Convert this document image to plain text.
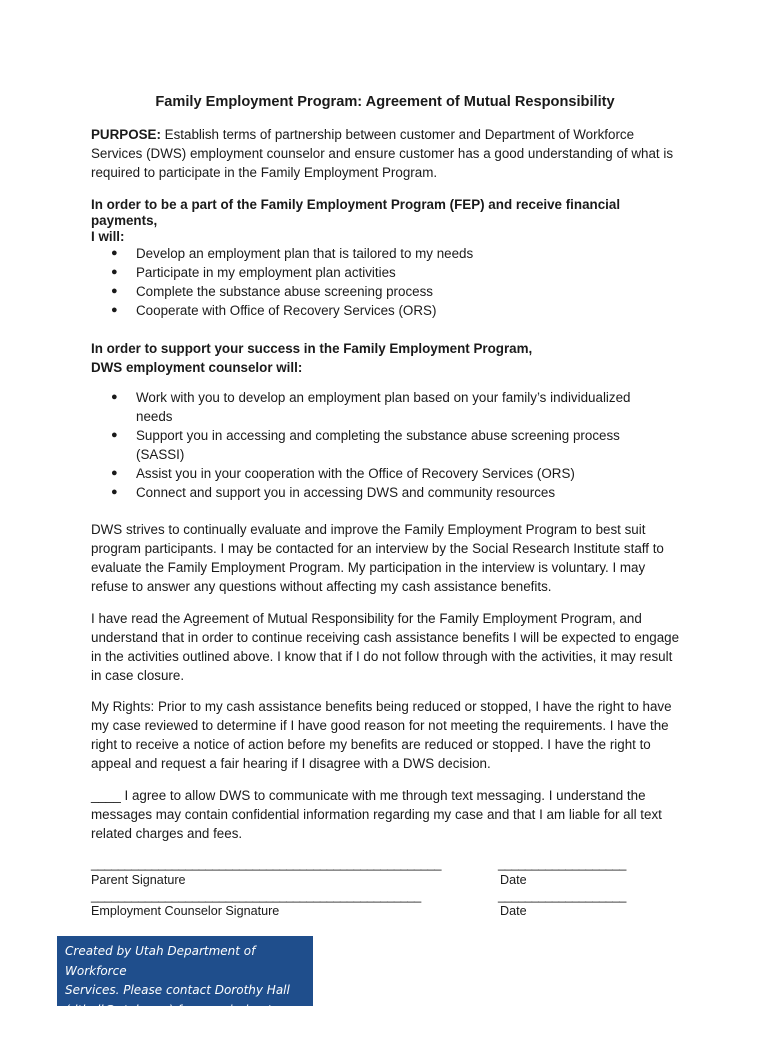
Family Employment Program: Agreement of Mutual Responsibility
PURPOSE: Establish terms of partnership between customer and Department of Workforce Services (DWS) employment counselor and ensure customer has a good understanding of what is required to participate in the Family Employment Program.
In order to be a part of the Family Employment Program (FEP) and receive financial payments,
I will:
● Develop an employment plan that is tailored to my needs
● Participate in my employment plan activities
● Complete the substance abuse screening process
● Cooperate with Office of Recovery Services (ORS)
In order to support your success in the Family Employment Program,
DWS employment counselor will:
● Work with you to develop an employment plan based on your family’s individualized needs
● Support you in accessing and completing the substance abuse screening process (SASSI)
● Assist you in your cooperation with the Office of Recovery Services (ORS)
● Connect and support you in accessing DWS and community resources

DWS strives to continually evaluate and improve the Family Employment Program to best suit program participants. I may be contacted for an interview by the Social Research Institute staff to evaluate the Family Employment Program. My participation in the interview is voluntary. I may refuse to answer any questions without affecting my cash assistance benefits.

I have read the Agreement of Mutual Responsibility for the Family Employment Program, and understand that in order to continue receiving cash assistance benefits I will be expected to engage in the activities outlined above. I know that if I do not follow through with the activities, it may result in case closure.

My Rights: Prior to my cash assistance benefits being reduced or stopped, I have the right to have my case reviewed to determine if I have good reason for not meeting the requirements. I have the right to receive a notice of action before my benefits are reduced or stopped. I have the right to appeal and request a fair hearing if I disagree with a DWS decision.

____ I agree to allow DWS to communicate with me through text messaging. I understand the messages may contain confidential information regarding my case and that I am liable for all text related charges and fees.

____________________________________________________	___________________
Parent Signature	Date
_________________________________________________	___________________
Employment Counselor Signature	Date
Created by Utah Department of Workforce
Services. Please contact Dorothy Hall
(dthall@utah.gov) for permission to use.
